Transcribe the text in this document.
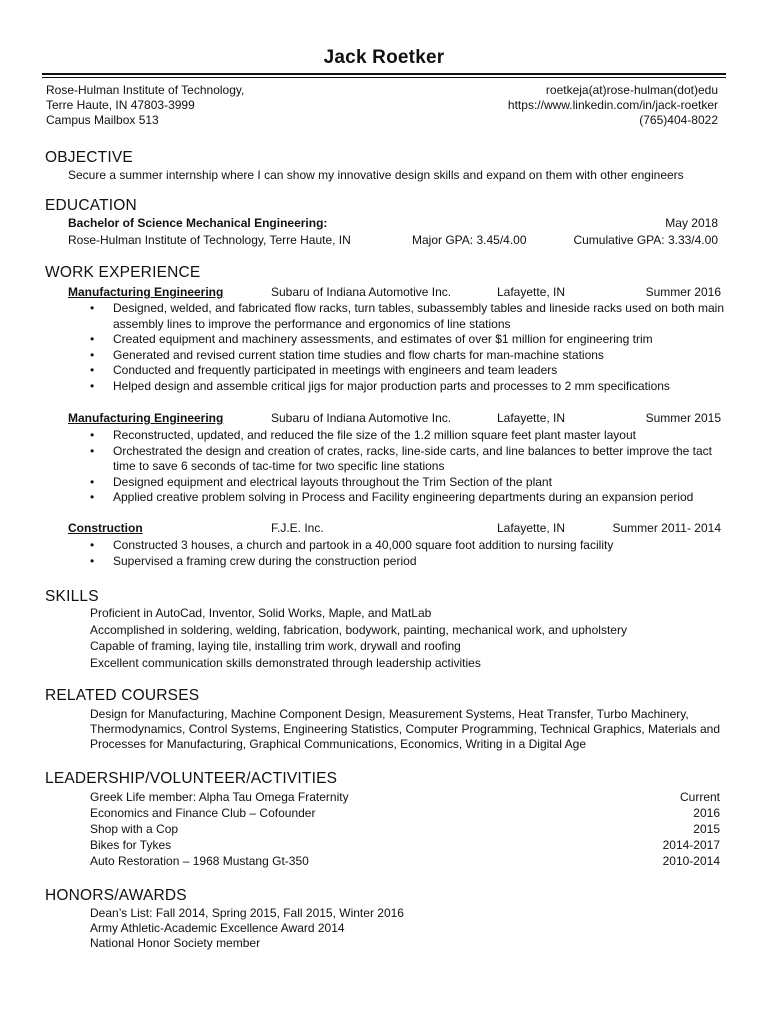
Jack Roetker
Rose-Hulman Institute of Technology,
Terre Haute, IN 47803-3999
Campus Mailbox 513
roetkeja(at)rose-hulman(dot)edu
https://www.linkedin.com/in/jack-roetker
(765)404-8022
OBJECTIVE
Secure a summer internship where I can show my innovative design skills and expand on them with other engineers
EDUCATION
Bachelor of Science Mechanical Engineering:	May 2018
Rose-Hulman Institute of Technology, Terre Haute, IN	Major GPA: 3.45/4.00	Cumulative GPA: 3.33/4.00
WORK EXPERIENCE
Manufacturing Engineering	Subaru of Indiana Automotive Inc.	Lafayette, IN	Summer 2016
• Designed, welded, and fabricated flow racks, turn tables, subassembly tables and lineside racks used on both main assembly lines to improve the performance and ergonomics of line stations
• Created equipment and machinery assessments, and estimates of over $1 million for engineering trim
• Generated and revised current station time studies and flow charts for man-machine stations
• Conducted and frequently participated in meetings with engineers and team leaders
• Helped design and assemble critical jigs for major production parts and processes to 2 mm specifications
Manufacturing Engineering	Subaru of Indiana Automotive Inc.	Lafayette, IN	Summer 2015
• Reconstructed, updated, and reduced the file size of the 1.2 million square feet plant master layout
• Orchestrated the design and creation of crates, racks, line-side carts, and line balances to better improve the tact time to save 6 seconds of tac-time for two specific line stations
• Designed equipment and electrical layouts throughout the Trim Section of the plant
• Applied creative problem solving in Process and Facility engineering departments during an expansion period
Construction	F.J.E. Inc.	Lafayette, IN	Summer 2011- 2014
• Constructed 3 houses, a church and partook in a 40,000 square foot addition to nursing facility
• Supervised a framing crew during the construction period
SKILLS
Proficient in AutoCad, Inventor, Solid Works, Maple, and MatLab
Accomplished in soldering, welding, fabrication, bodywork, painting, mechanical work, and upholstery
Capable of framing, laying tile, installing trim work, drywall and roofing
Excellent communication skills demonstrated through leadership activities
RELATED COURSES
Design for Manufacturing, Machine Component Design, Measurement Systems, Heat Transfer, Turbo Machinery, Thermodynamics, Control Systems, Engineering Statistics, Computer Programming, Technical Graphics, Materials and Processes for Manufacturing, Graphical Communications, Economics, Writing in a Digital Age
LEADERSHIP/VOLUNTEER/ACTIVITIES
Greek Life member: Alpha Tau Omega Fraternity	Current
Economics and Finance Club – Cofounder	2016
Shop with a Cop	2015
Bikes for Tykes	2014-2017
Auto Restoration – 1968 Mustang Gt-350	2010-2014
HONORS/AWARDS
Dean’s List: Fall 2014, Spring 2015, Fall 2015, Winter 2016
Army Athletic-Academic Excellence Award 2014
National Honor Society member
